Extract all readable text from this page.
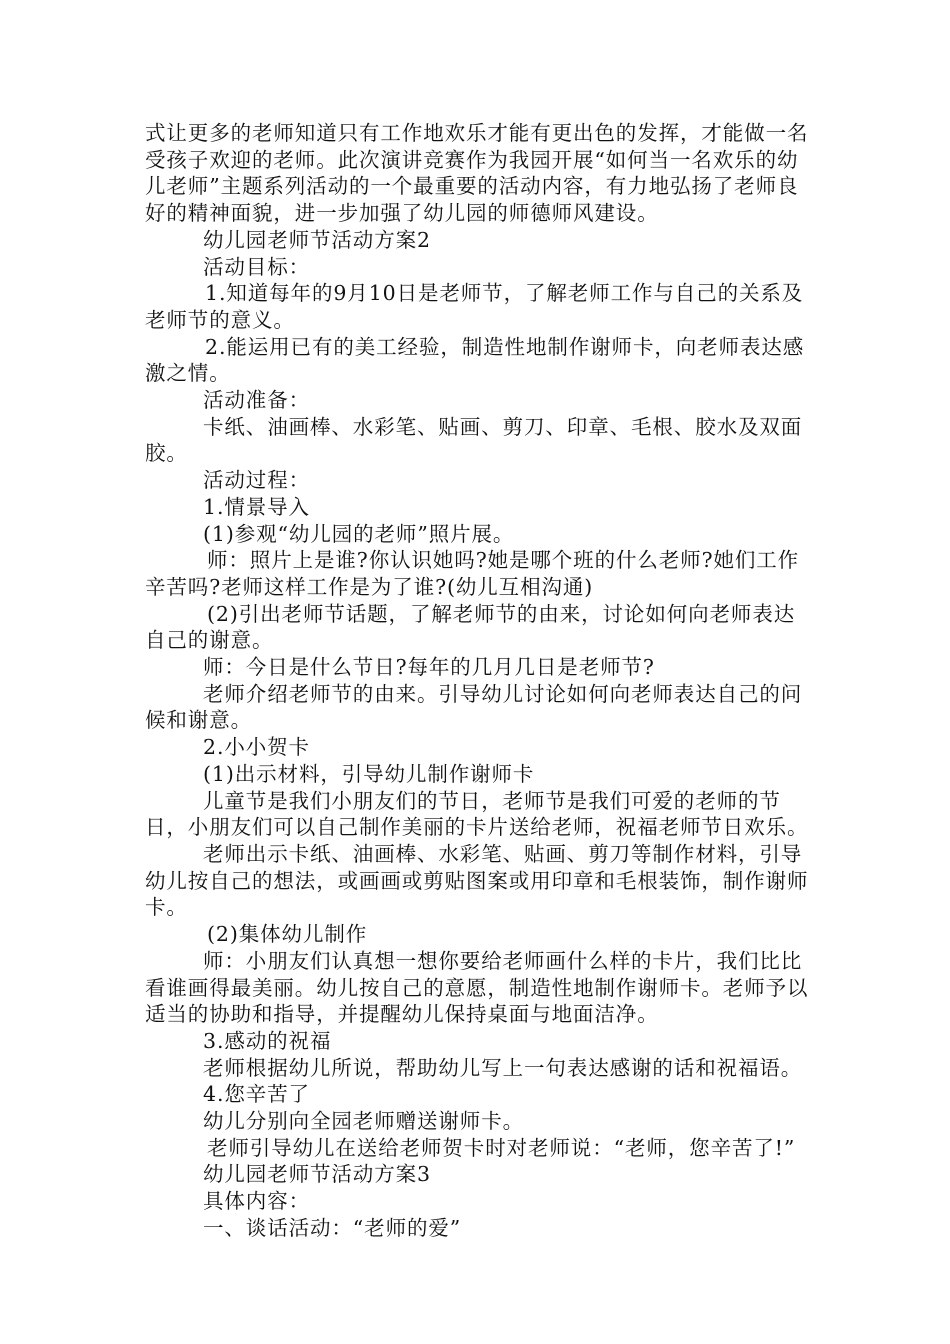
式让更多的老师知道只有工作地欢乐才能有更出色的发挥，才能做一名受孩子欢迎的老师。此次演讲竞赛作为我园开展“如何当一名欢乐的幼儿老师”主题系列活动的一个最重要的活动内容，有力地弘扬了老师良好的精神面貌，进一步加强了幼儿园的师德师风建设。

幼儿园老师节活动方案2

活动目标：

1.知道每年的9月10日是老师节，了解老师工作与自己的关系及老师节的意义。

2.能运用已有的美工经验，制造性地制作谢师卡，向老师表达感激之情。

活动准备：

卡纸、油画棒、水彩笔、贴画、剪刀、印章、毛根、胶水及双面胶。

活动过程：

1.情景导入

(1)参观“幼儿园的老师”照片展。

师：照片上是谁?你认识她吗?她是哪个班的什么老师?她们工作辛苦吗?老师这样工作是为了谁?(幼儿互相沟通)

(2)引出老师节话题，了解老师节的由来，讨论如何向老师表达自己的谢意。

师：今日是什么节日?每年的几月几日是老师节?

老师介绍老师节的由来。引导幼儿讨论如何向老师表达自己的问候和谢意。

2.小小贺卡

(1)出示材料，引导幼儿制作谢师卡

儿童节是我们小朋友们的节日，老师节是我们可爱的老师的节日，小朋友们可以自己制作美丽的卡片送给老师，祝福老师节日欢乐。

老师出示卡纸、油画棒、水彩笔、贴画、剪刀等制作材料，引导幼儿按自己的想法，或画画或剪贴图案或用印章和毛根装饰，制作谢师卡。

(2)集体幼儿制作

师：小朋友们认真想一想你要给老师画什么样的卡片，我们比比看谁画得最美丽。幼儿按自己的意愿，制造性地制作谢师卡。老师予以适当的协助和指导，并提醒幼儿保持桌面与地面洁净。

3.感动的祝福

老师根据幼儿所说，帮助幼儿写上一句表达感谢的话和祝福语。

4.您辛苦了

幼儿分别向全园老师赠送谢师卡。

老师引导幼儿在送给老师贺卡时对老师说：“老师，您辛苦了!”

幼儿园老师节活动方案3

具体内容：

一、谈话活动：“老师的爱”
